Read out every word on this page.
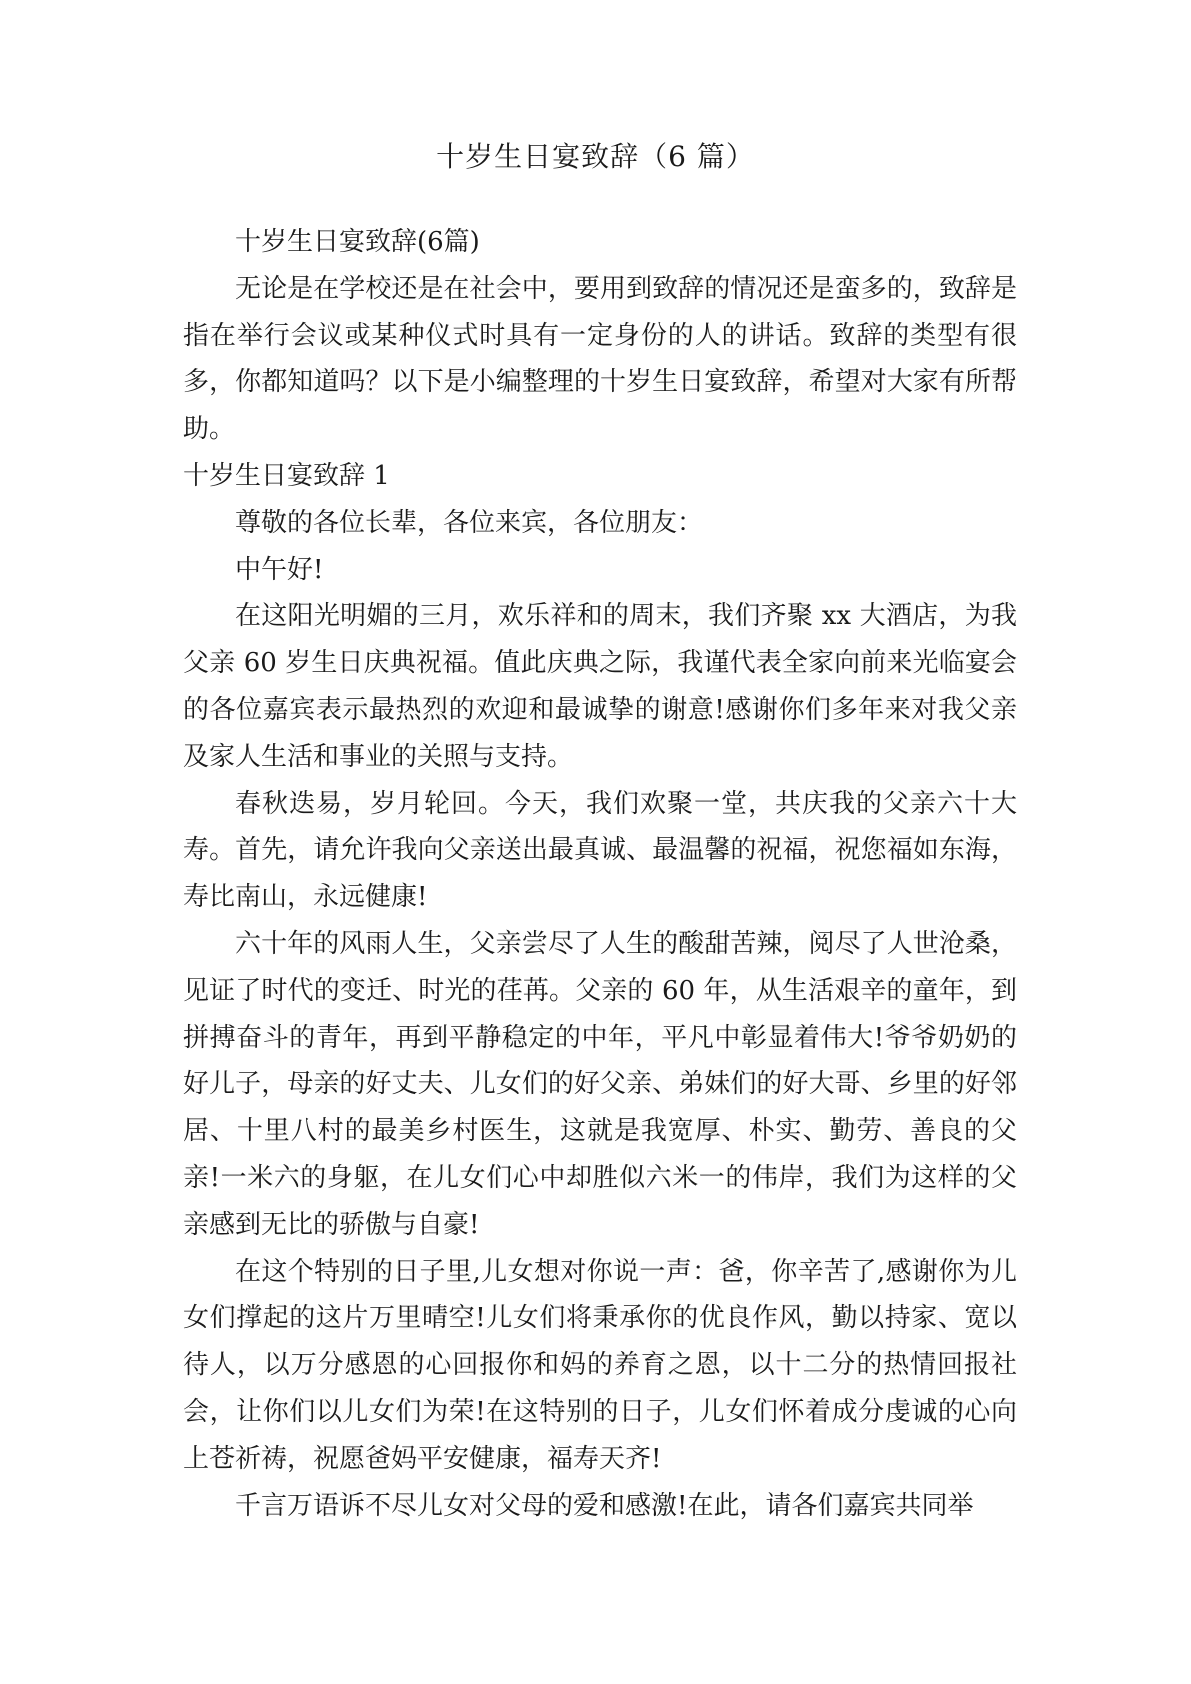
十岁生日宴致辞（6 篇）

十岁生日宴致辞(6篇)

无论是在学校还是在社会中，要用到致辞的情况还是蛮多的，致辞是指在举行会议或某种仪式时具有一定身份的人的讲话。致辞的类型有很多，你都知道吗？以下是小编整理的十岁生日宴致辞，希望对大家有所帮助。

十岁生日宴致辞 1

尊敬的各位长辈，各位来宾，各位朋友：

中午好!

在这阳光明媚的三月，欢乐祥和的周末，我们齐聚 xx 大酒店，为我父亲 60 岁生日庆典祝福。值此庆典之际，我谨代表全家向前来光临宴会的各位嘉宾表示最热烈的欢迎和最诚挚的谢意!感谢你们多年来对我父亲及家人生活和事业的关照与支持。

春秋迭易，岁月轮回。今天，我们欢聚一堂，共庆我的父亲六十大寿。首先，请允许我向父亲送出最真诚、最温馨的祝福，祝您福如东海，寿比南山，永远健康!

六十年的风雨人生，父亲尝尽了人生的酸甜苦辣，阅尽了人世沧桑，见证了时代的变迁、时光的荏苒。父亲的 60 年，从生活艰辛的童年，到拼搏奋斗的青年，再到平静稳定的中年，平凡中彰显着伟大!爷爷奶奶的好儿子，母亲的好丈夫、儿女们的好父亲、弟妹们的好大哥、乡里的好邻居、十里八村的最美乡村医生，这就是我宽厚、朴实、勤劳、善良的父亲!一米六的身躯，在儿女们心中却胜似六米一的伟岸，我们为这样的父亲感到无比的骄傲与自豪!

在这个特别的日子里,儿女想对你说一声：爸，你辛苦了,感谢你为儿女们撑起的这片万里晴空!儿女们将秉承你的优良作风，勤以持家、宽以待人，以万分感恩的心回报你和妈的养育之恩，以十二分的热情回报社会，让你们以儿女们为荣!在这特别的日子，儿女们怀着成分虔诚的心向上苍祈祷，祝愿爸妈平安健康，福寿天齐!

千言万语诉不尽儿女对父母的爱和感激!在此，请各们嘉宾共同举
